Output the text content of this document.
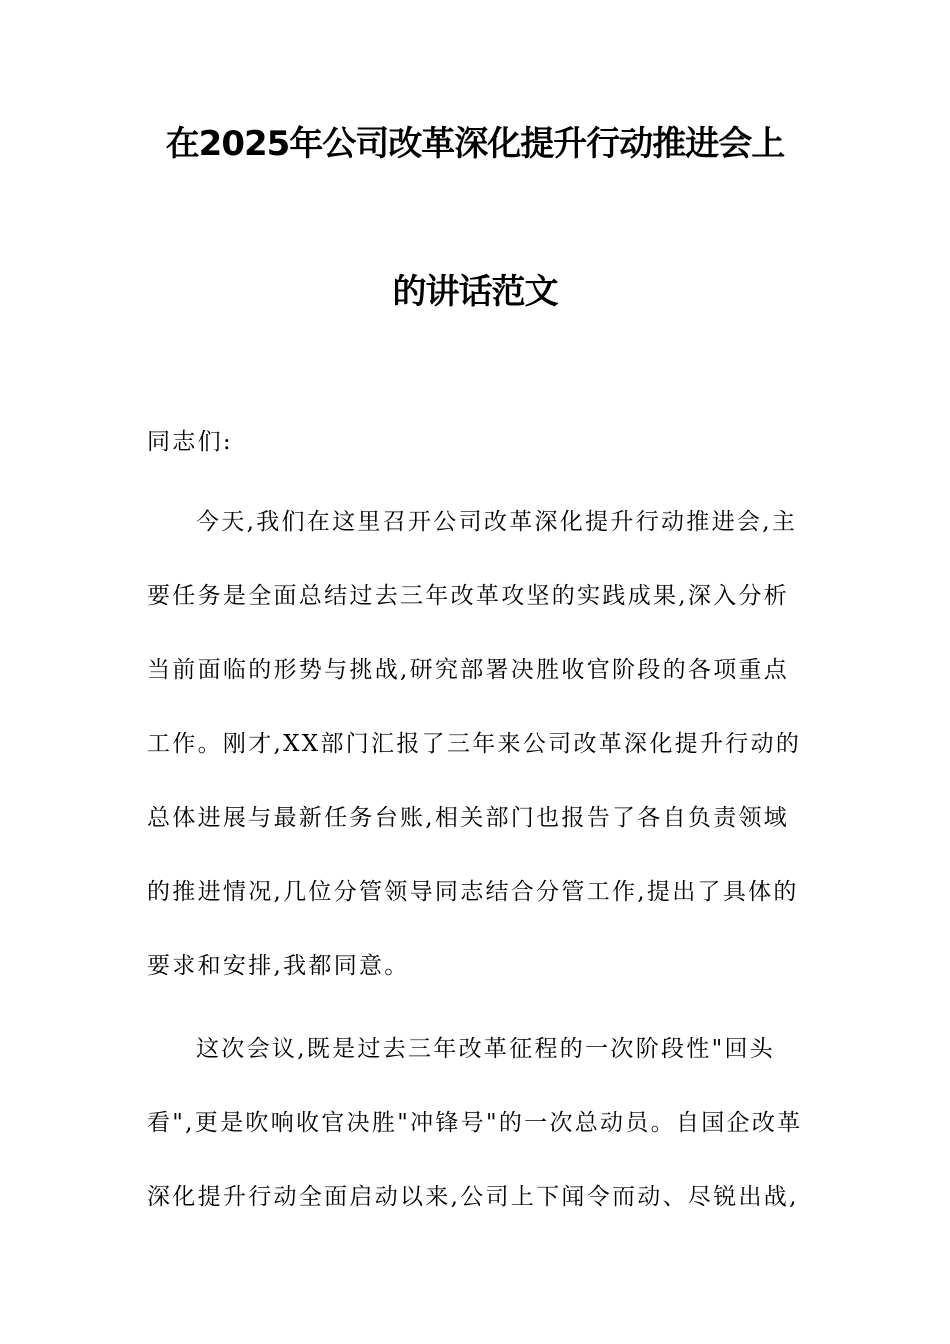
在2025年公司改革深化提升行动推进会上
的讲话范文
同志们:
今天,我们在这里召开公司改革深化提升行动推进会,主
要任务是全面总结过去三年改革攻坚的实践成果,深入分析
当前面临的形势与挑战,研究部署决胜收官阶段的各项重点
工作。刚才,XX部门汇报了三年来公司改革深化提升行动的
总体进展与最新任务台账,相关部门也报告了各自负责领域
的推进情况,几位分管领导同志结合分管工作,提出了具体的
要求和安排,我都同意。
这次会议,既是过去三年改革征程的一次阶段性"回头
看",更是吹响收官决胜"冲锋号"的一次总动员。自国企改革
深化提升行动全面启动以来,公司上下闻令而动、尽锐出战,
